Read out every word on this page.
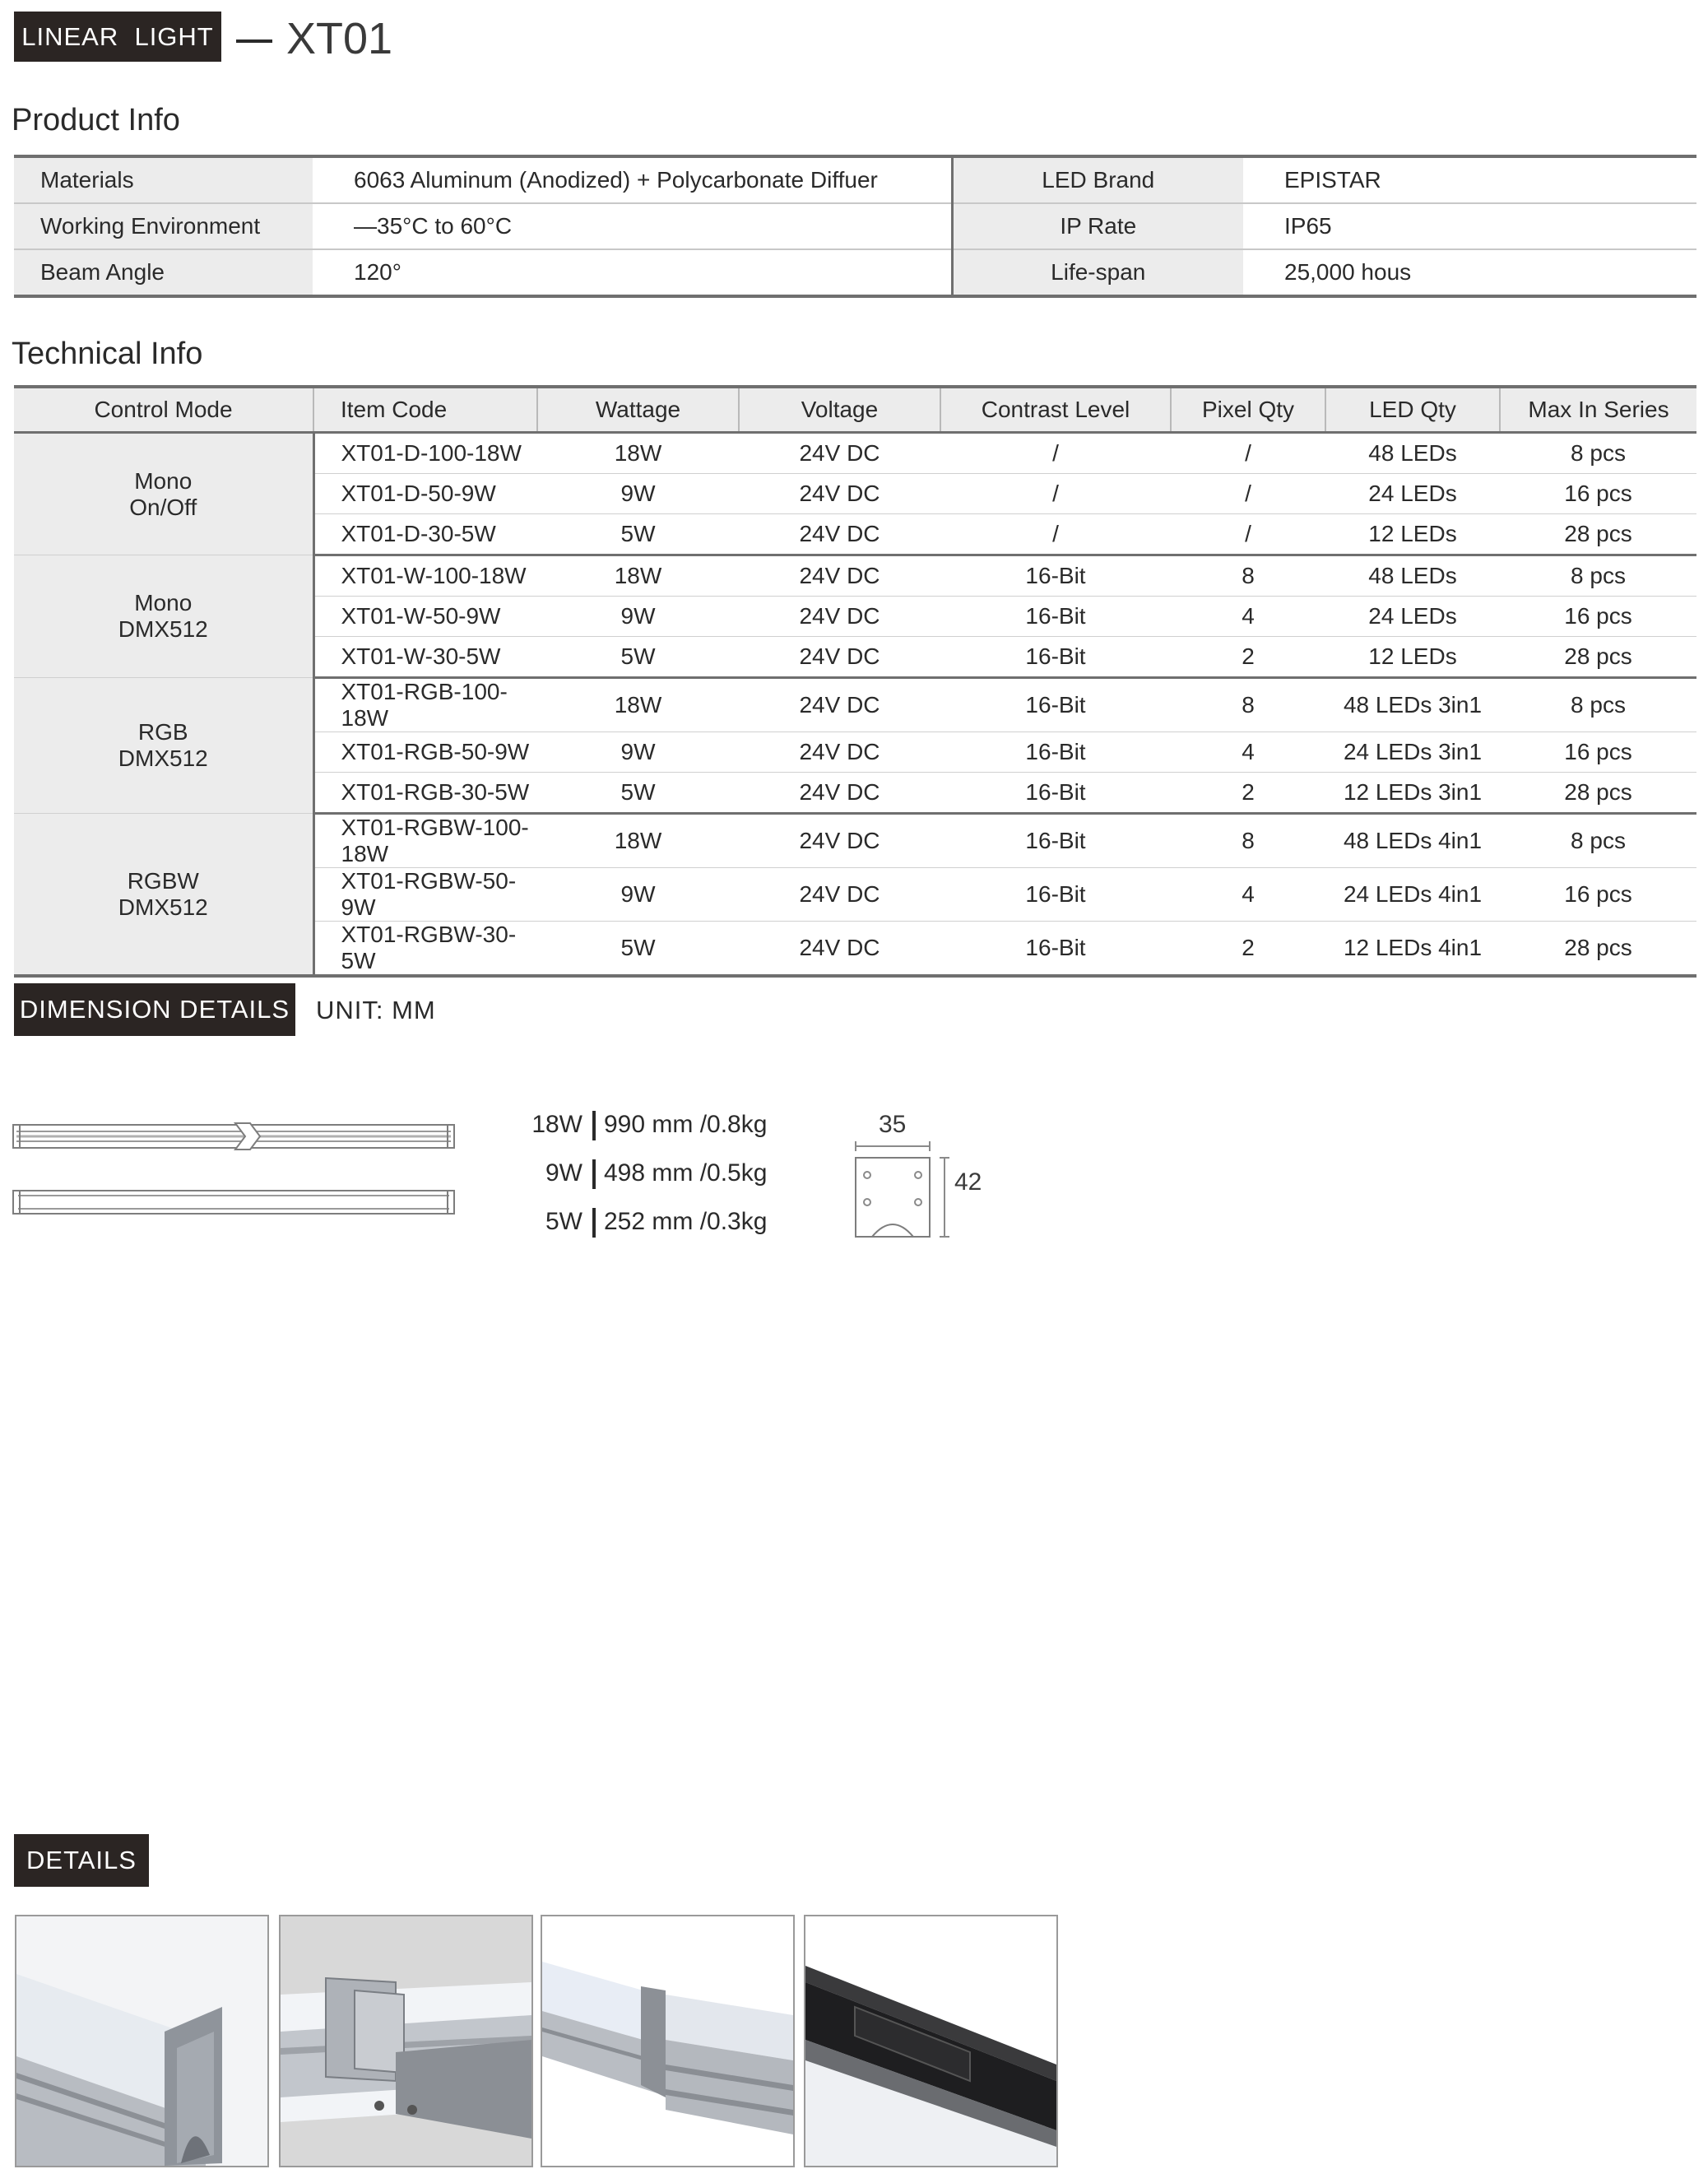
LINEAR  LIGHT XT01
Product Info
Materials	6063 Aluminum (Anodized) + Polycarbonate Diffuer	LED Brand	EPISTAR
Working Environment	—35°C to 60°C	IP Rate	IP65
Beam Angle	120°	Life-span	25,000 hous
Technical Info
Control Mode	Item Code	Wattage	Voltage	Contrast Level	Pixel Qty	LED Qty	Max In Series

Mono
On/Off	XT01-D-100-18W	18W	24V DC	/	/	48 LEDs	8 pcs
	XT01-D-50-9W	9W	24V DC	/	/	24 LEDs	16 pcs
	XT01-D-30-5W	5W	24V DC	/	/	12 LEDs	28 pcs

Mono
DMX512	XT01-W-100-18W	18W	24V DC	16-Bit	8	48 LEDs	8 pcs
	XT01-W-50-9W	9W	24V DC	16-Bit	4	24 LEDs	16 pcs
	XT01-W-30-5W	5W	24V DC	16-Bit	2	12 LEDs	28 pcs

RGB
DMX512	XT01-RGB-100-18W	18W	24V DC	16-Bit	8	48 LEDs 3in1	8 pcs
	XT01-RGB-50-9W	9W	24V DC	16-Bit	4	24 LEDs 3in1	16 pcs
	XT01-RGB-30-5W	5W	24V DC	16-Bit	2	12 LEDs 3in1	28 pcs

RGBW
DMX512	XT01-RGBW-100-18W	18W	24V DC	16-Bit	8	48 LEDs 4in1	8 pcs
	XT01-RGBW-50-9W	9W	24V DC	16-Bit	4	24 LEDs 4in1	16 pcs
	XT01-RGBW-30-5W	5W	24V DC	16-Bit	2	12 LEDs 4in1	28 pcs
DIMENSION DETAILS UNIT: MM
18W 990 mm /0.8kg
9W 498 mm /0.5kg
5W 252 mm /0.3kg
35
42
DETAILS
